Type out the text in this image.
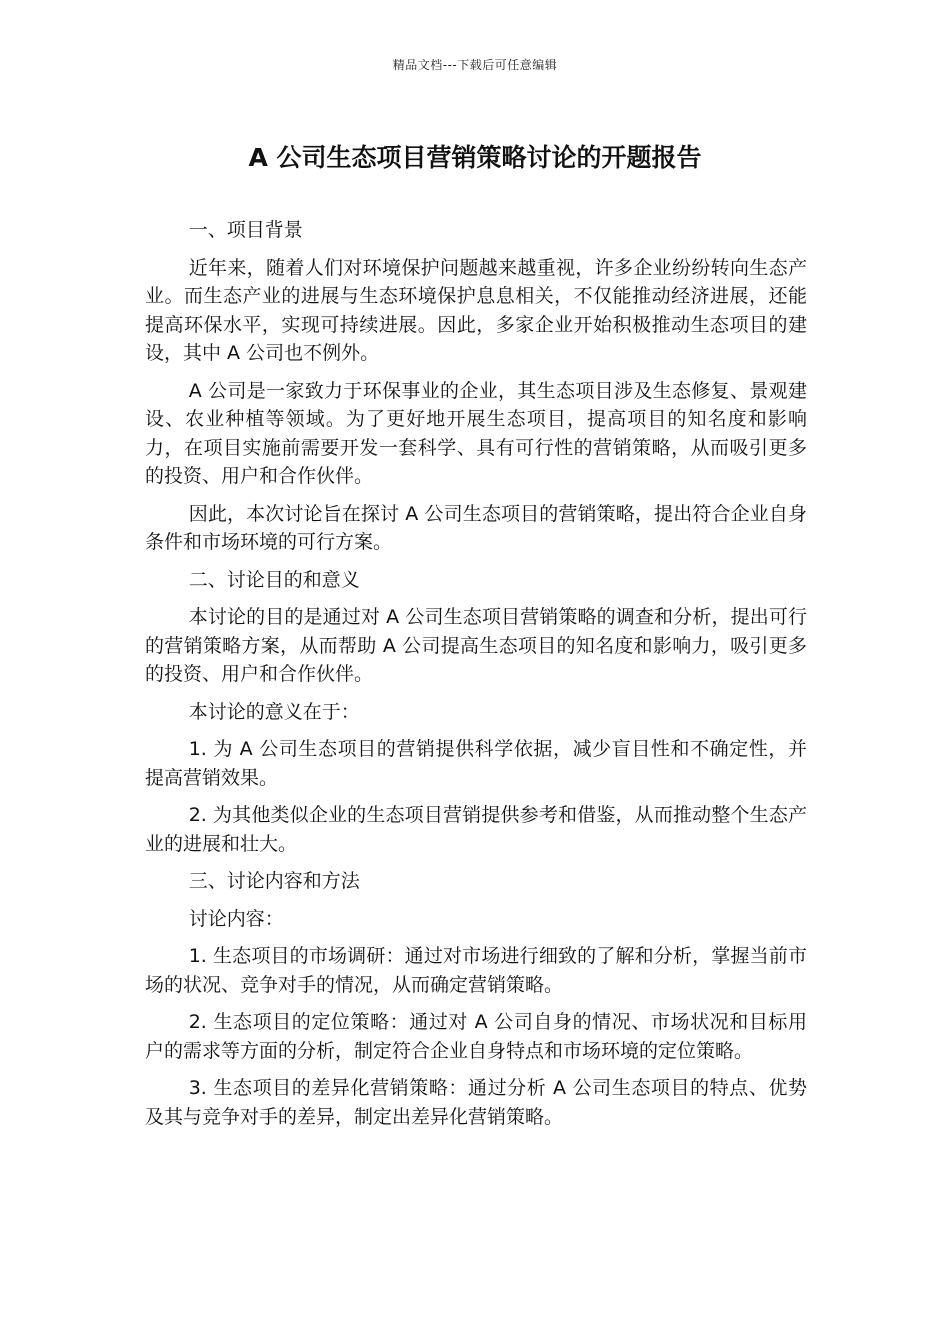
精品文档---下载后可任意编辑
A 公司生态项目营销策略讨论的开题报告

一、项目背景

近年来，随着人们对环境保护问题越来越重视，许多企业纷纷转向生态产业。而生态产业的进展与生态环境保护息息相关，不仅能推动经济进展，还能提高环保水平，实现可持续进展。因此，多家企业开始积极推动生态项目的建设，其中 A 公司也不例外。

A 公司是一家致力于环保事业的企业，其生态项目涉及生态修复、景观建设、农业种植等领域。为了更好地开展生态项目，提高项目的知名度和影响力，在项目实施前需要开发一套科学、具有可行性的营销策略，从而吸引更多的投资、用户和合作伙伴。

因此，本次讨论旨在探讨 A 公司生态项目的营销策略，提出符合企业自身条件和市场环境的可行方案。

二、讨论目的和意义

本讨论的目的是通过对 A 公司生态项目营销策略的调查和分析，提出可行的营销策略方案，从而帮助 A 公司提高生态项目的知名度和影响力，吸引更多的投资、用户和合作伙伴。

本讨论的意义在于：

1. 为 A 公司生态项目的营销提供科学依据，减少盲目性和不确定性，并提高营销效果。

2. 为其他类似企业的生态项目营销提供参考和借鉴，从而推动整个生态产业的进展和壮大。

三、讨论内容和方法

讨论内容：

1. 生态项目的市场调研：通过对市场进行细致的了解和分析，掌握当前市场的状况、竞争对手的情况，从而确定营销策略。

2. 生态项目的定位策略：通过对 A 公司自身的情况、市场状况和目标用户的需求等方面的分析，制定符合企业自身特点和市场环境的定位策略。

3. 生态项目的差异化营销策略：通过分析 A 公司生态项目的特点、优势及其与竞争对手的差异，制定出差异化营销策略。
